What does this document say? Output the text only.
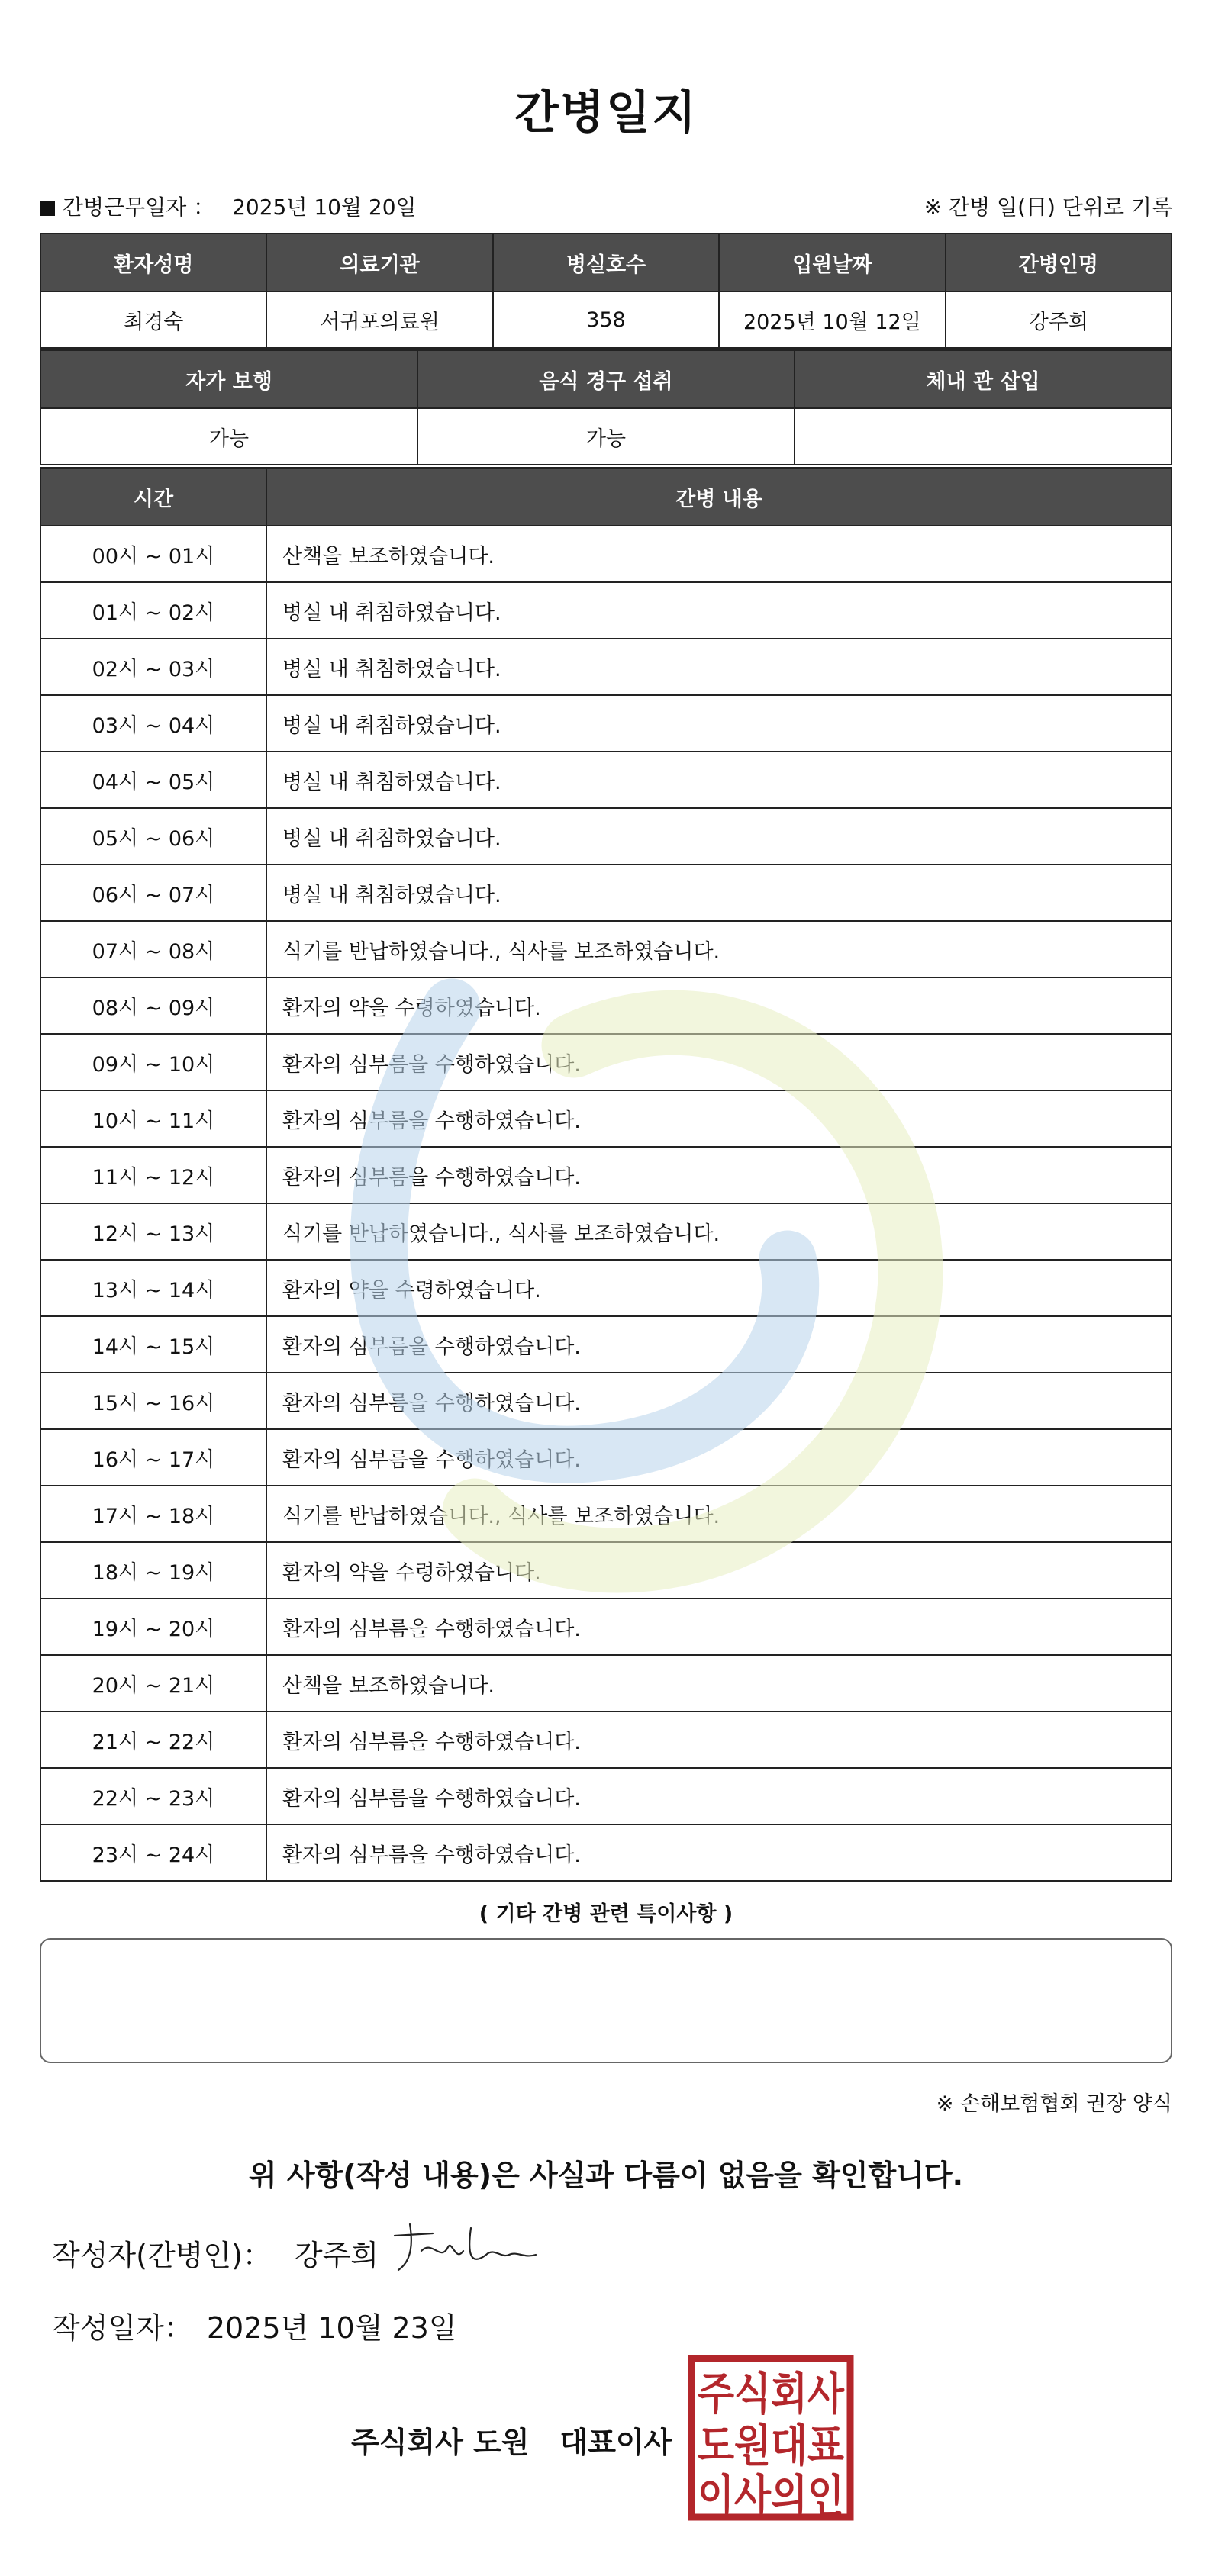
간병일지
간병근무일자 ： 2025년 10월 20일	※ 간병 일(日) 단위로 기록
환자성명	의료기관	병실호수	입원날짜	간병인명
최경숙	서귀포의료원	358	2025년 10월 12일	강주희
자가 보행	음식 경구 섭취	체내 관 삽입
가능	가능	
시간	간병 내용
00시 ~ 01시	산책을 보조하였습니다.
01시 ~ 02시	병실 내 취침하였습니다.
02시 ~ 03시	병실 내 취침하였습니다.
03시 ~ 04시	병실 내 취침하였습니다.
04시 ~ 05시	병실 내 취침하였습니다.
05시 ~ 06시	병실 내 취침하였습니다.
06시 ~ 07시	병실 내 취침하였습니다.
07시 ~ 08시	식기를 반납하였습니다., 식사를 보조하였습니다.
08시 ~ 09시	환자의 약을 수령하였습니다.
09시 ~ 10시	환자의 심부름을 수행하였습니다.
10시 ~ 11시	환자의 심부름을 수행하였습니다.
11시 ~ 12시	환자의 심부름을 수행하였습니다.
12시 ~ 13시	식기를 반납하였습니다., 식사를 보조하였습니다.
13시 ~ 14시	환자의 약을 수령하였습니다.
14시 ~ 15시	환자의 심부름을 수행하였습니다.
15시 ~ 16시	환자의 심부름을 수행하였습니다.
16시 ~ 17시	환자의 심부름을 수행하였습니다.
17시 ~ 18시	식기를 반납하였습니다., 식사를 보조하였습니다.
18시 ~ 19시	환자의 약을 수령하였습니다.
19시 ~ 20시	환자의 심부름을 수행하였습니다.
20시 ~ 21시	산책을 보조하였습니다.
21시 ~ 22시	환자의 심부름을 수행하였습니다.
22시 ~ 23시	환자의 심부름을 수행하였습니다.
23시 ~ 24시	환자의 심부름을 수행하였습니다.
( 기타 간병 관련 특이사항 )
※ 손해보험협회 권장 양식
위 사항(작성 내용)은 사실과 다름이 없음을 확인합니다.
작성자(간병인)： 강주희
작성일자： 2025년 10월 23일
주식회사 도원 대표이사
주식회사
도원대표
이사의인
